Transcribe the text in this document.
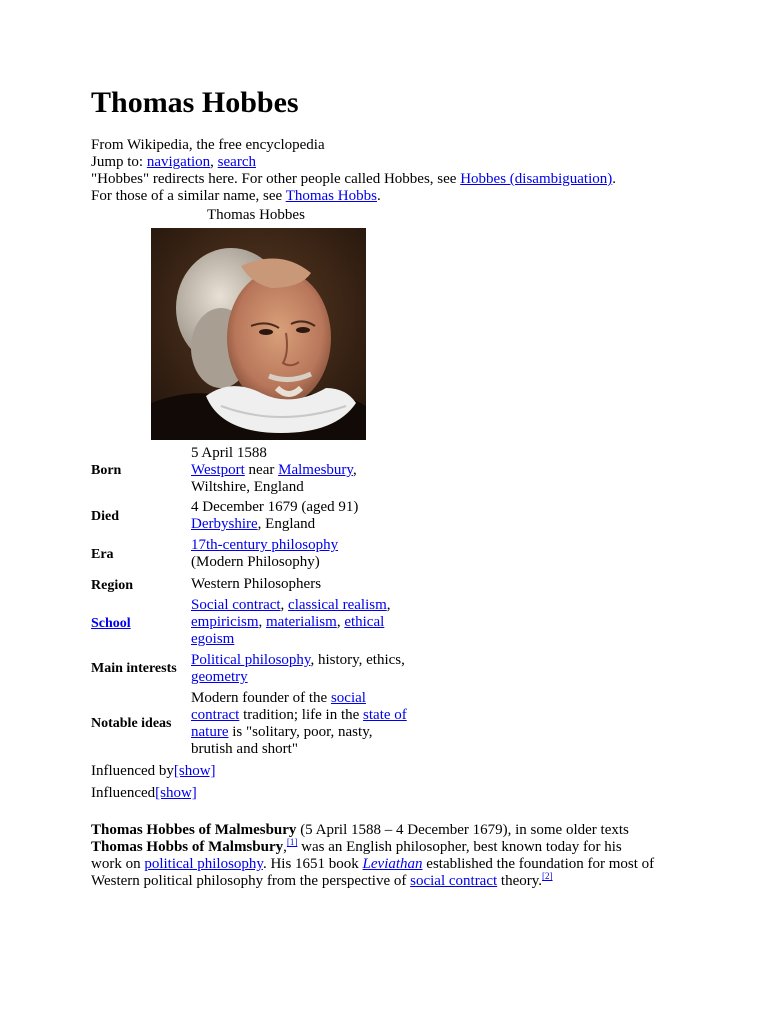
Thomas Hobbes
From Wikipedia, the free encyclopedia
Jump to: navigation, search
"Hobbes" redirects here. For other people called Hobbes, see Hobbes (disambiguation).
For those of a similar name, see Thomas Hobbs.
Thomas Hobbes
Born
5 April 1588
Westport near Malmesbury,
Wiltshire, England
Died
4 December 1679 (aged 91)
Derbyshire, England
Era
17th-century philosophy
(Modern Philosophy)
Region	Western Philosophers
School
Social contract, classical realism,
empiricism, materialism, ethical
egoism
Main interests
Political philosophy, history, ethics,
geometry
Notable ideas
Modern founder of the social
contract tradition; life in the state of
nature is "solitary, poor, nasty,
brutish and short"
Influenced by[show]
Influenced[show]
Thomas Hobbes of Malmesbury (5 April 1588 – 4 December 1679), in some older texts
Thomas Hobbs of Malmsbury,[1] was an English philosopher, best known today for his
work on political philosophy. His 1651 book Leviathan established the foundation for most of
Western political philosophy from the perspective of social contract theory.[2]
